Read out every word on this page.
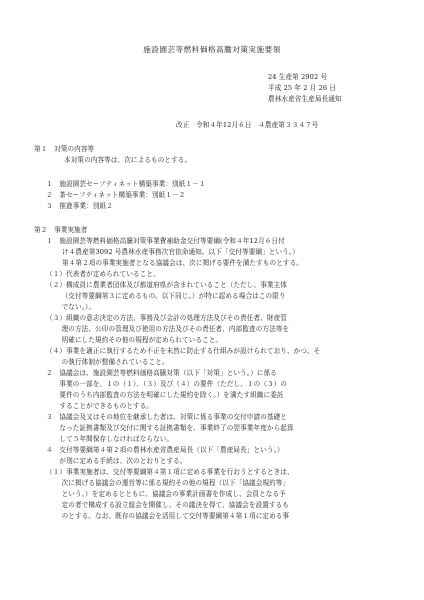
施設園芸等燃料価格高騰対策実施要領
24 生産第 2902 号
平成 25 年 2 月 26 日
農林水産省生産局長通知
改正　令和４年12月６日　４農産第３３４７号
第１　対策の内容等
本対策の内容等は、次によるものとする。
１　施設園芸セーフティネット構築事業：別紙１－１
２　茶セーフティネット構築事業：別紙１－２
３　推進事業：別紙２
第２　事業実施者
１　施設園芸等燃料価格高騰対策事業費補助金交付等要綱(令和４年12月６日付
け４農産第3092 号農林水産事務次官依命通知。以下「交付等要綱」という。）
第４第２項の事業実施者となる協議会は、次に掲げる要件を満たすものとする。
（１）代表者が定められていること。
（２）構成員に農業者団体及び都道府県が含まれていること（ただし、事業主体
　　 （交付等要綱第３に定めるもの。以下同じ。）が特に認める場合はこの限り
　　 でない。）。
（３）組織の意志決定の方法、事務及び会計の処理方法及びその責任者、財産管
　　 理の方法、公印の管理及び使用の方法及びその責任者、内部監査の方法等を
　　 明確にした規約その他の規程が定められていること。
（４）事業を適正に執行するため不正を未然に防止する仕組みが設けられており、かつ、そ
　　 の執行体制が整備されていること。
２　協議会は、施設園芸等燃料価格高騰対策（以下「対策」という。）に係る
　　事業の一部を、１の（１）、（３）及び（４）の要件（ただし、１の（３）の
　　要件のうち内部監査の方法を明確にした規約を除く。）を満たす組織に委託
　　することができるものとする。
３　協議会及又はその地位を継承した者は、対策に係る事業の交付申請の基礎と
　　なった証拠書類及び交付に関する証拠書類を、事業終了の翌事業年度から起算
　　して５年間保存しなければならない。
４　交付等要綱第４第２項の農林水産省農産局長（以下「農産局長」という。）
　　が別に定める手続は、次のとおりとする。
（１）事業実施者は、交付等要綱第４第１項に定める事業を行おうとするときは、
　　 次に掲げる協議会の運営等に係る規約その他の規程（以下「協議会規約等」
　　 という。）を定めるとともに、協議会の事業計画書を作成し、会員となる予
　　 定の者で構成する設立総会を開催し、その議決を得て、協議会を設置するも
　　 のとする。なお、既存の協議会を活用して交付等要綱第４第１項に定める事
